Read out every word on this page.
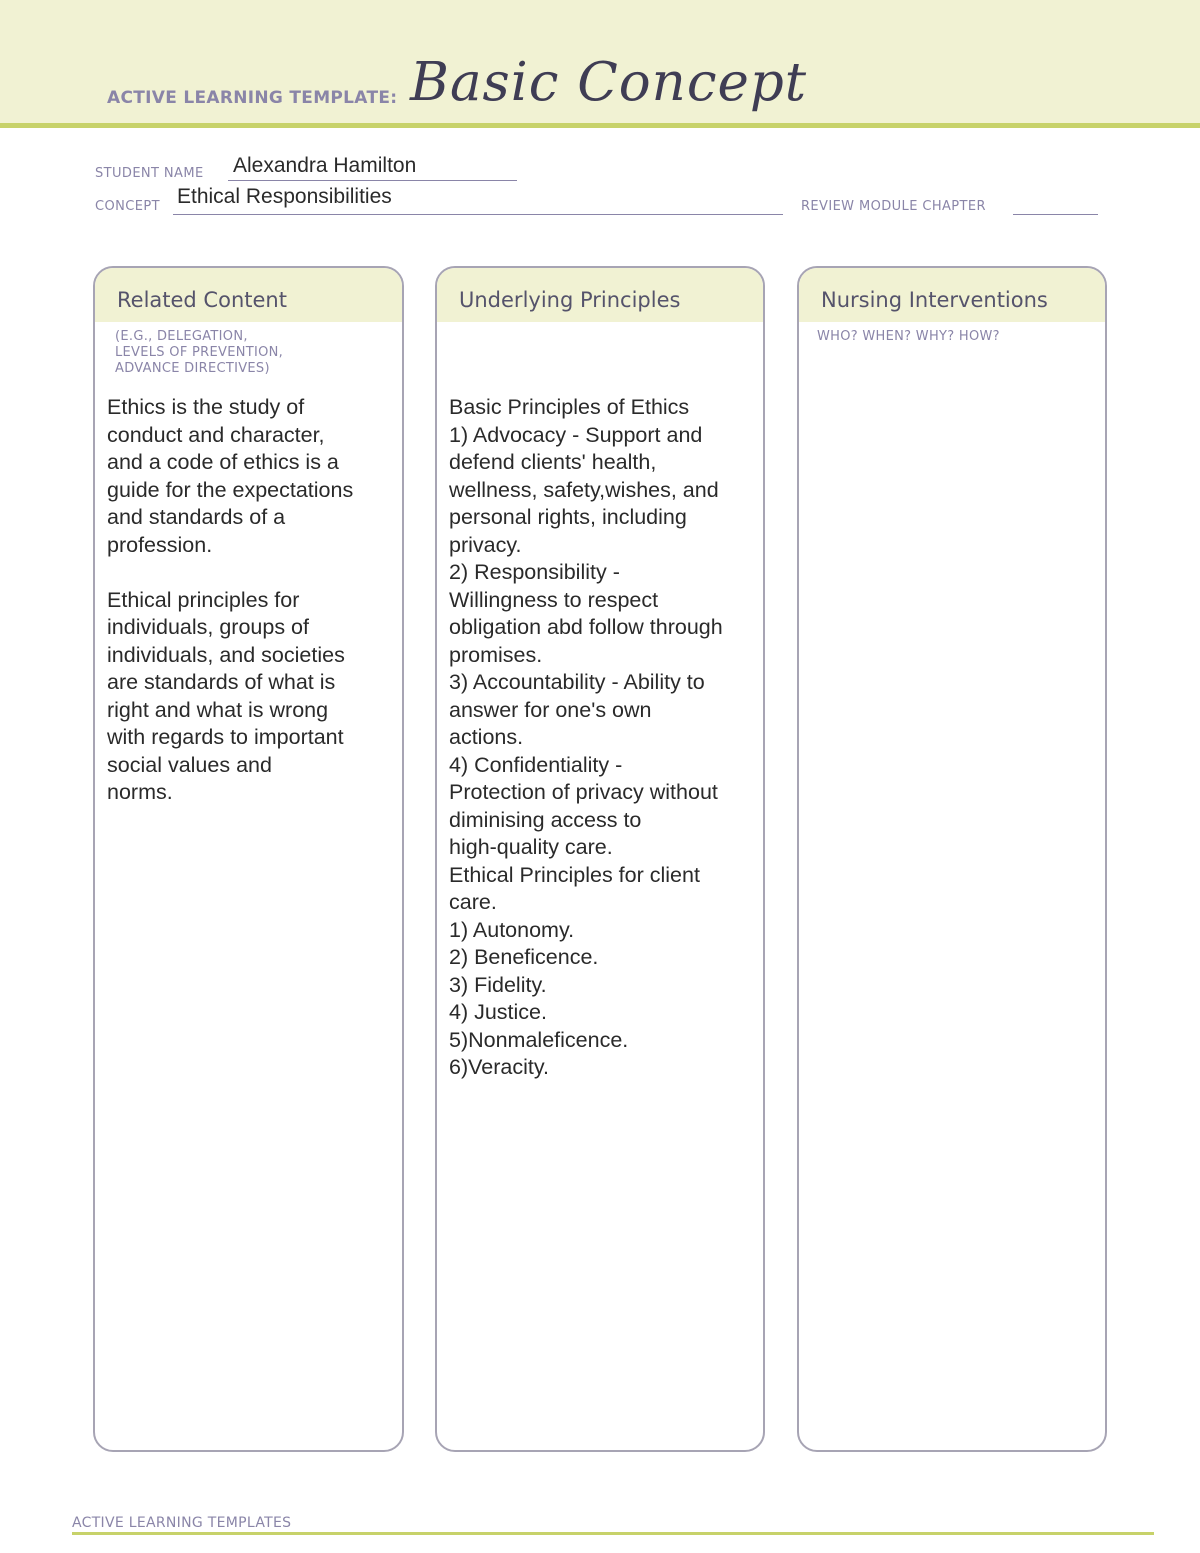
ACTIVE LEARNING TEMPLATE: Basic Concept
STUDENT NAME Alexandra Hamilton
CONCEPT Ethical Responsibilities	REVIEW MODULE CHAPTER
Related Content
(E.G., DELEGATION,
LEVELS OF PREVENTION,
ADVANCE DIRECTIVES)
Ethics is the study of
conduct and character,
and a code of ethics is a
guide for the expectations
and standards of a
profession.
Ethical principles for
individuals, groups of
individuals, and societies
are standards of what is
right and what is wrong
with regards to important
social values and
norms.
Underlying Principles
Basic Principles of Ethics
1) Advocacy - Support and
defend clients' health,
wellness, safety,wishes, and
personal rights, including
privacy.
2) Responsibility -
Willingness to respect
obligation abd follow through
promises.
3) Accountability - Ability to
answer for one's own
actions.
4) Confidentiality -
Protection of privacy without
diminising access to
high-quality care.
Ethical Principles for client
care.
1) Autonomy.
2) Beneficence.
3) Fidelity.
4) Justice.
5)Nonmaleficence.
6)Veracity.
Nursing Interventions
WHO? WHEN? WHY? HOW?
ACTIVE LEARNING TEMPLATES
